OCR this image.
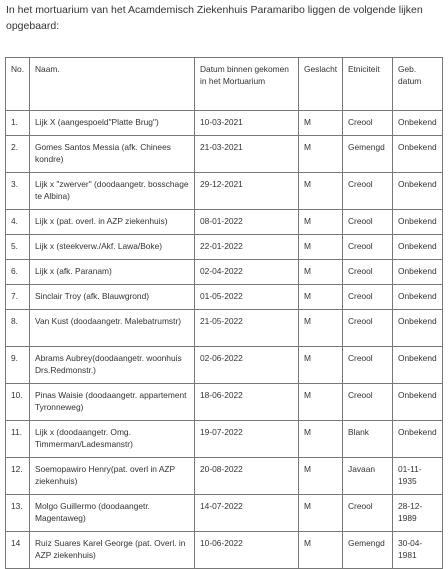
In het mortuarium van het Acamdemisch Ziekenhuis Paramaribo liggen de volgende lijken opgebaard:
No.	Naam.	Datum binnen gekomen in het Mortuarium	Geslacht	Etniciteit	Geb. datum
1.	Lijk X (aangespoeld"Platte Brug")	10-03-2021	M	Creool	Onbekend
2.	Gomes Santos Messia (afk. Chinees kondre)	21-03-2021	M	Gemengd	Onbekend
3.	Lijk x "zwerver" (doodaangetr. bosschage te Albina)	29-12-2021	M	Creool	Onbekend
4.	Lijk x (pat. overl. in AZP ziekenhuis)	08-01-2022	M	Creool	Onbekend
5.	Lijk x (steekverw./Akf. Lawa/Boke)	22-01-2022	M	Creool	Onbekend
6.	Lijk x (afk. Paranam)	02-04-2022	M	Creool	Onbekend
7.	Sinclair Troy (afk. Blauwgrond)	01-05-2022	M	Creool	Onbekend
8.	Van Kust (doodaangetr. Malebatrumstr)	21-05-2022	M	Creool	Onbekend
9.	Abrams Aubrey(doodaangetr. woonhuis Drs.Redmonstr.)	02-06-2022	M	Creool	Onbekend
10.	Pinas Waisie (doodaangetr. appartement Tyronneweg)	18-06-2022	M	Creool	Onbekend
11.	Lijk x (doodaangetr. Omg. Timmerman/Ladesmanstr)	19-07-2022	M	Blank	Onbekend
12.	Soemopawiro Henry(pat. overl in AZP ziekenhuis)	20-08-2022	M	Javaan	01-11-1935
13.	Molgo Guillermo (doodaangetr. Magentaweg)	14-07-2022	M	Creool	28-12-1989
14	Ruiz Suares Karel George (pat. Overl. in AZP ziekenhuis)	10-06-2022	M	Gemengd	30-04-1981
